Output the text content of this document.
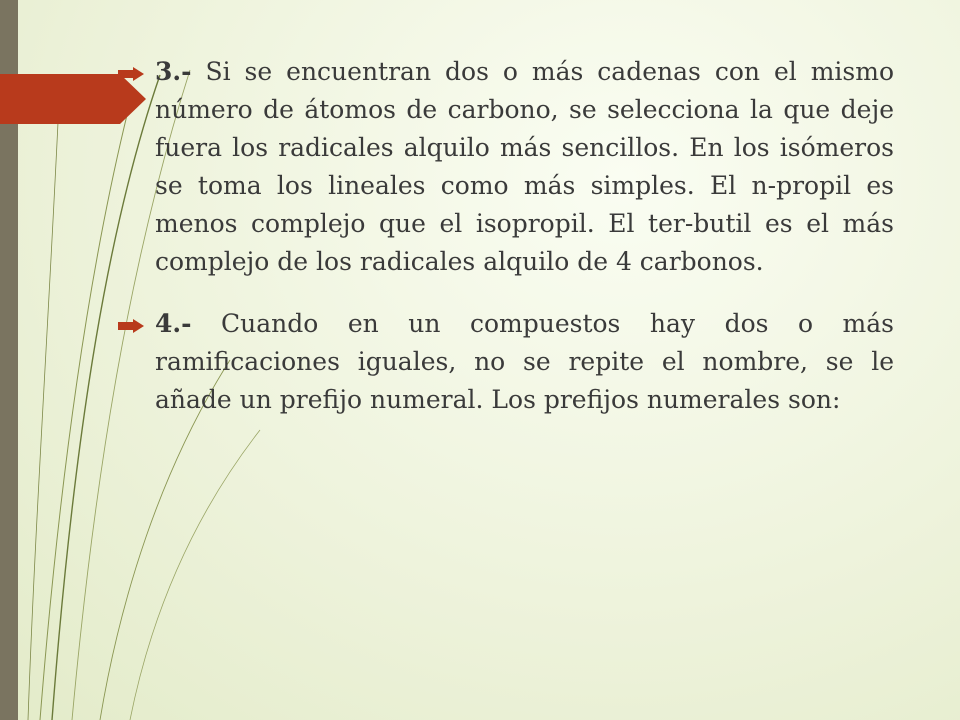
3.- Si se encuentran dos o más cadenas con el mismo número de átomos de carbono, se selecciona la que deje fuera los radicales alquilo más sencillos. En los isómeros se toma los lineales como más simples. El n-propil es menos complejo que el isopropil. El ter-butil es el más complejo de los radicales alquilo de 4 carbonos.

4.- Cuando en un compuestos hay dos o más ramificaciones iguales, no se repite el nombre, se le añade un prefijo numeral. Los prefijos numerales son:
